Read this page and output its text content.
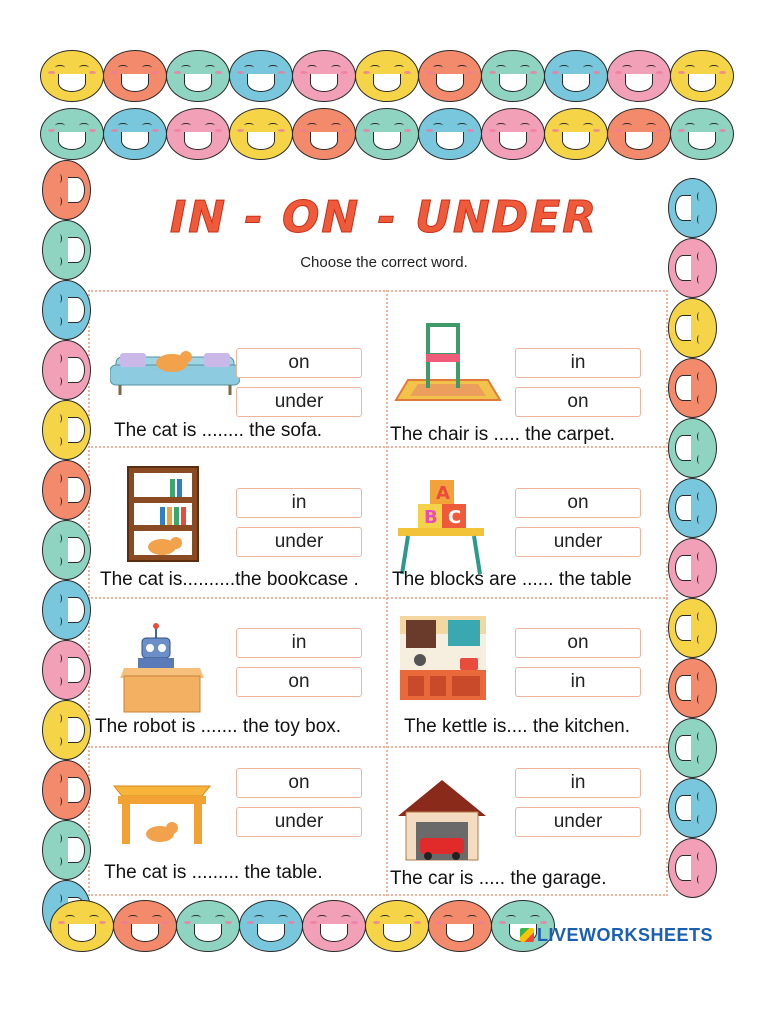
IN - ON - UNDER
Choose the correct word.
A
B C
on
under
The cat is ........ the sofa.
in
on
The chair is ..... the carpet.
in
under
The cat is..........the bookcase .
on
under
The blocks are ...... the table
in
on
The robot is ....... the toy box.
on
in
The kettle is.... the kitchen.
on
under
The cat is ......... the table.
in
under
The car is ..... the garage.
LIVEWORKSHEETS
